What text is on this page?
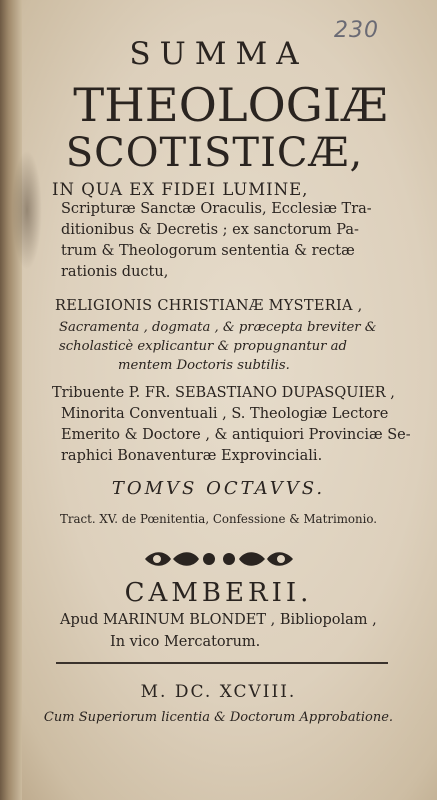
230
SUMMA
THEOLOGIÆ
SCOTISTICÆ,
IN QUA EX FIDEI LUMINE,
Scripturæ Sanctæ Oraculis, Ecclesiæ Tra-
ditionibus & Decretis ; ex sanctorum Pa-
trum & Theologorum sententia & rectæ
rationis ductu,
RELIGIONIS CHRISTIANÆ MYSTERIA ,
Sacramenta , dogmata , & præcepta breviter &
scholasticè explicantur & propugnantur ad
mentem Doctoris subtilis.
Tribuente P. FR. SEBASTIANO DUPASQUIER ,
Minorita Conventuali , S. Theologiæ Lectore
Emerito & Doctore , & antiquiori Provinciæ Se-
raphici Bonaventuræ Exprovinciali.
TOMVS OCTAVVS.
Tract. XV. de Pœnitentia, Confessione & Matrimonio.
CAMBERII.
Apud MARINUM BLONDET , Bibliopolam ,
In vico Mercatorum.
M. DC. XCVIII.
Cum Superiorum licentia & Doctorum Approbatione.
